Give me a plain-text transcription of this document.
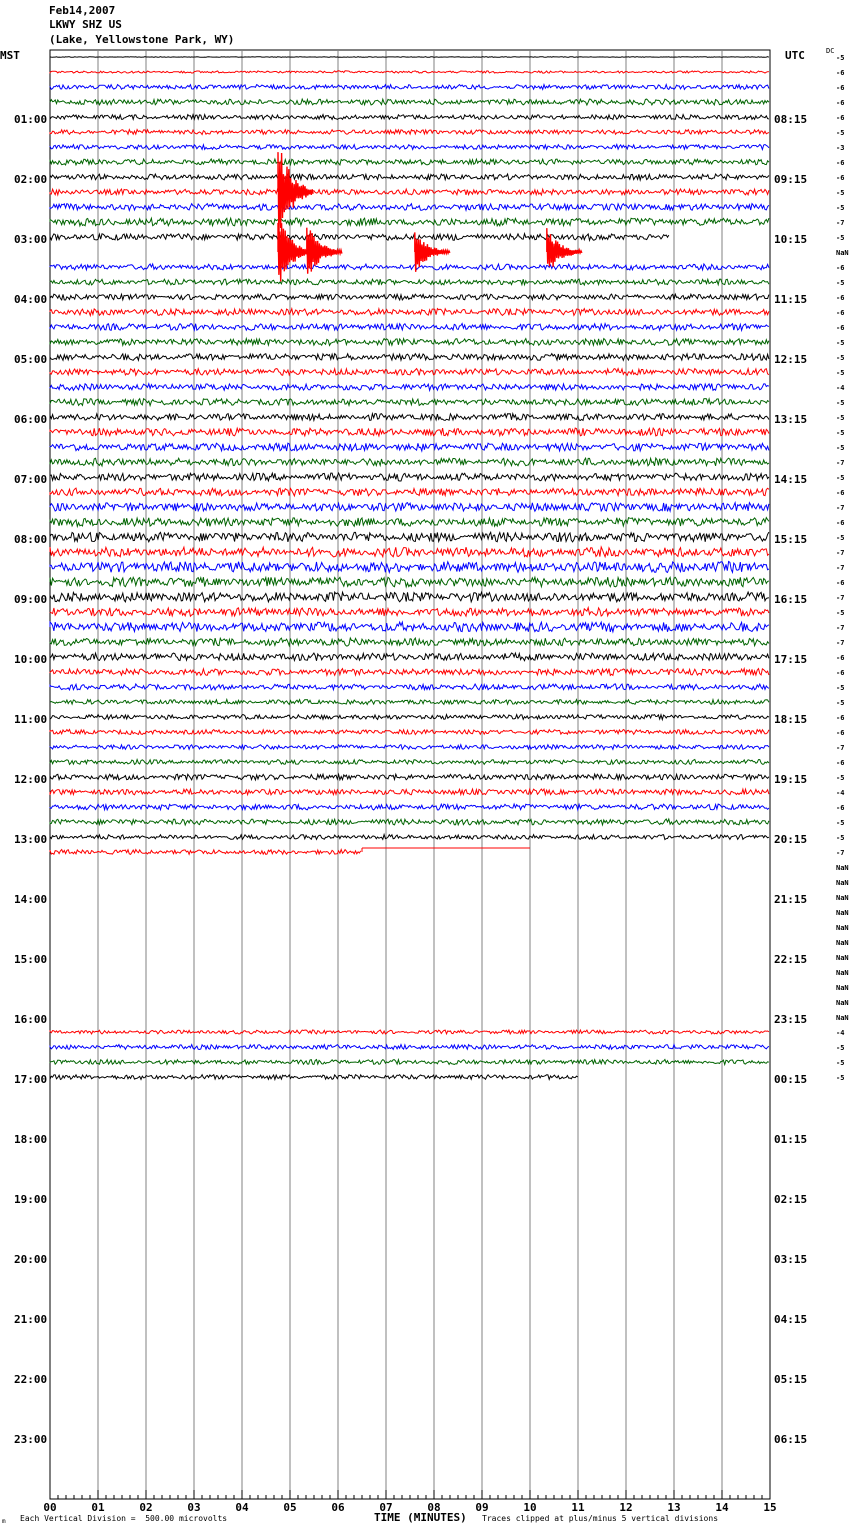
Feb14,2007
LKWY SHZ US
(Lake, Yellowstone Park, WY)
MST	UTC	DC
00	01	02	03	04	05	06	07	08	09	10	11	12	13	14	15
01:00
02:00
03:00
04:00
05:00
06:00
07:00
08:00
09:00
10:00
11:00
12:00
13:00
14:00
15:00
16:00
17:00
18:00
19:00
20:00
21:00
22:00
23:00
08:15
09:15
10:15
11:15
12:15
13:15
14:15
15:15
16:15
17:15
18:15
19:15
20:15
21:15
22:15
23:15
00:15
01:15
02:15
03:15
04:15
05:15
06:15
-5
-6
-6
-6
-6
-5
-3
-6
-6
-5
-5
-7
-5
NaN
-6
-5
-6
-6
-6
-5
-5
-5
-4
-5
-5
-5
-5
-7
-5
-6
-7
-6
-5
-7
-7
-6
-7
-5
-7
-7
-6
-6
-5
-5
-6
-6
-7
-6
-5
-4
-6
-5
-5
-7
NaN
NaN
NaN
NaN
NaN
NaN
NaN
NaN
NaN
NaN
NaN
-4
-5
-5
-5
m Each Vertical Division =  500.00 microvolts	TIME (MINUTES) Traces clipped at plus/minus 5 vertical divisions
